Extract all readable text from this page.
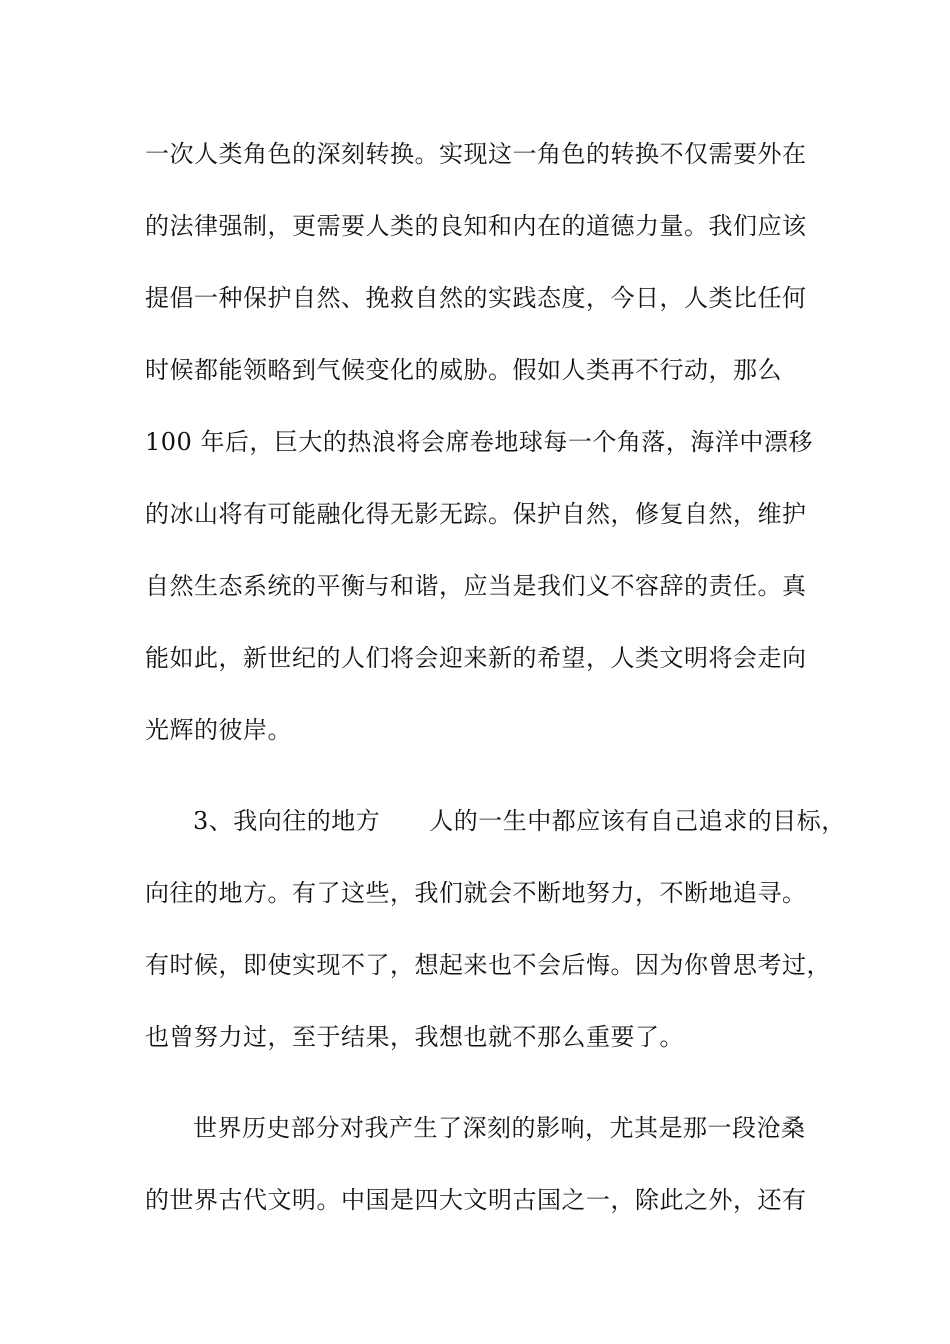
一次人类角色的深刻转换。实现这一角色的转换不仅需要外在
的法律强制，更需要人类的良知和内在的道德力量。我们应该
提倡一种保护自然、挽救自然的实践态度，今日，人类比任何
时候都能领略到气候变化的威胁。假如人类再不行动，那么
100 年后，巨大的热浪将会席卷地球每一个角落，海洋中漂移
的冰山将有可能融化得无影无踪。保护自然，修复自然，维护
自然生态系统的平衡与和谐，应当是我们义不容辞的责任。真
能如此，新世纪的人们将会迎来新的希望，人类文明将会走向
光辉的彼岸。
3、我向往的地方　　人的一生中都应该有自己追求的目标，
向往的地方。有了这些，我们就会不断地努力，不断地追寻。
有时候，即使实现不了，想起来也不会后悔。因为你曾思考过，
也曾努力过，至于结果，我想也就不那么重要了。
世界历史部分对我产生了深刻的影响，尤其是那一段沧桑
的世界古代文明。中国是四大文明古国之一，除此之外，还有
